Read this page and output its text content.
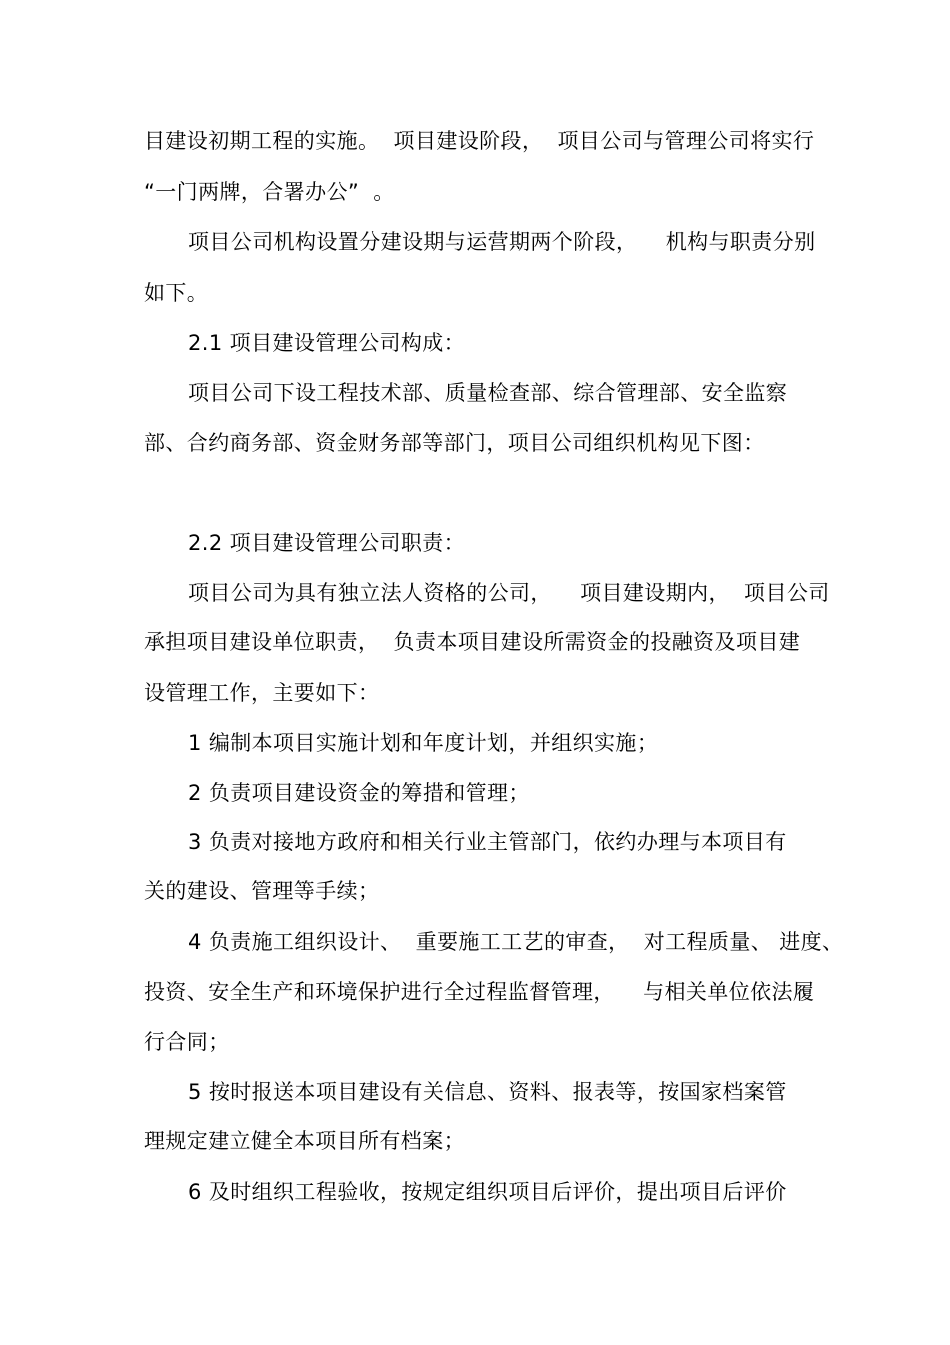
目建设初期工程的实施。  项目建设阶段，  项目公司与管理公司将实行
“一门两牌，合署办公”  。
项目公司机构设置分建设期与运营期两个阶段，    机构与职责分别
如下。
2.1 项目建设管理公司构成：
项目公司下设工程技术部、质量检查部、综合管理部、安全监察
部、合约商务部、资金财务部等部门，项目公司组织机构见下图：
2.2 项目建设管理公司职责：
项目公司为具有独立法人资格的公司，    项目建设期内，  项目公司
承担项目建设单位职责，  负责本项目建设所需资金的投融资及项目建
设管理工作，主要如下：
1 编制本项目实施计划和年度计划，并组织实施；
2 负责项目建设资金的筹措和管理；
3 负责对接地方政府和相关行业主管部门，依约办理与本项目有
关的建设、管理等手续；
4 负责施工组织设计、  重要施工工艺的审查，  对工程质量、 进度、
投资、安全生产和环境保护进行全过程监督管理，    与相关单位依法履
行合同；
5 按时报送本项目建设有关信息、资料、报表等，按国家档案管
理规定建立健全本项目所有档案；
6 及时组织工程验收，按规定组织项目后评价，提出项目后评价
